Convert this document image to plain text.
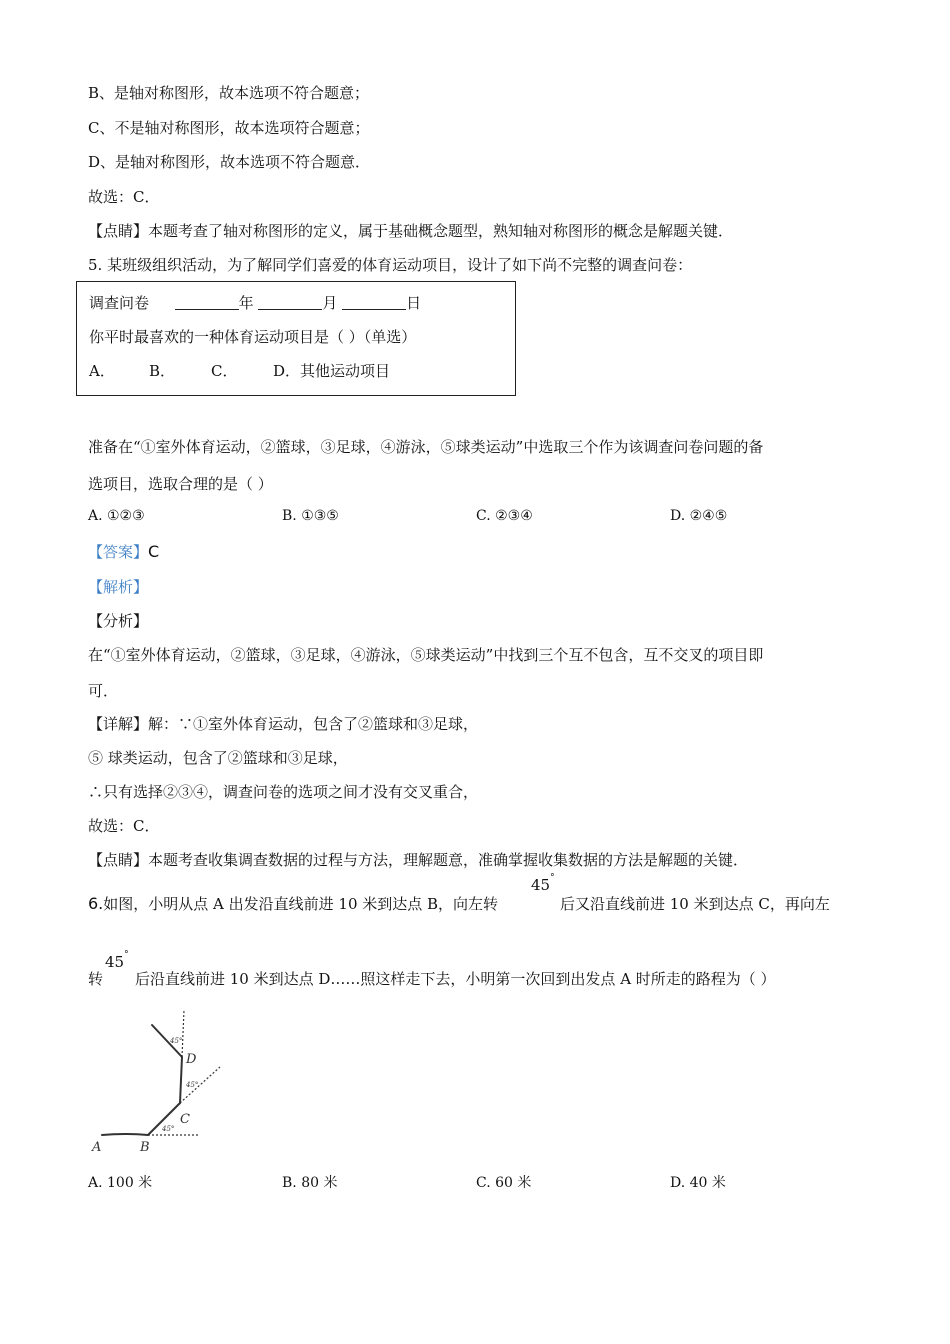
B、是轴对称图形，故本选项不符合题意；
C、不是轴对称图形，故本选项符合题意；
D、是轴对称图形，故本选项不符合题意．
故选：C．
【点睛】本题考查了轴对称图形的定义，属于基础概念题型，熟知轴对称图形的概念是解题关键．
5. 某班级组织活动，为了解同学们喜爱的体育运动项目，设计了如下尚不完整的调查问卷：
调查问卷	年	月	日
你平时最喜欢的一种体育运动项目是（ ）（单选）
A． B． C． D．其他运动项目
准备在“①室外体育运动，②篮球，③足球，④游泳，⑤球类运动”中选取三个作为该调查问卷问题的备
选项目，选取合理的是（ ）
A. ①②③	B. ①③⑤	C. ②③④	D. ②④⑤
【答案】C
【解析】
【分析】
在“①室外体育运动，②篮球，③足球，④游泳，⑤球类运动”中找到三个互不包含，互不交叉的项目即
可．
【详解】解：∵①室外体育运动，包含了②篮球和③足球，
⑤ 球类运动，包含了②篮球和③足球，
∴只有选择②③④，调查问卷的选项之间才没有交叉重合，
故选：C．
【点睛】本题考查收集调查数据的过程与方法，理解题意，准确掌握收集数据的方法是解题的关键．
6.如图，小明从点 A 出发沿直线前进 10 米到达点 B，向左转
45°
后又沿直线前进 10 米到达点 C，再向左
转
45°
后沿直线前进 10 米到达点 D……照这样走下去，小明第一次回到出发点 A 时所走的路程为（ ）
A	B
C
D
45°
45°
45°
A. 100 米	B. 80 米	C. 60 米	D. 40 米
